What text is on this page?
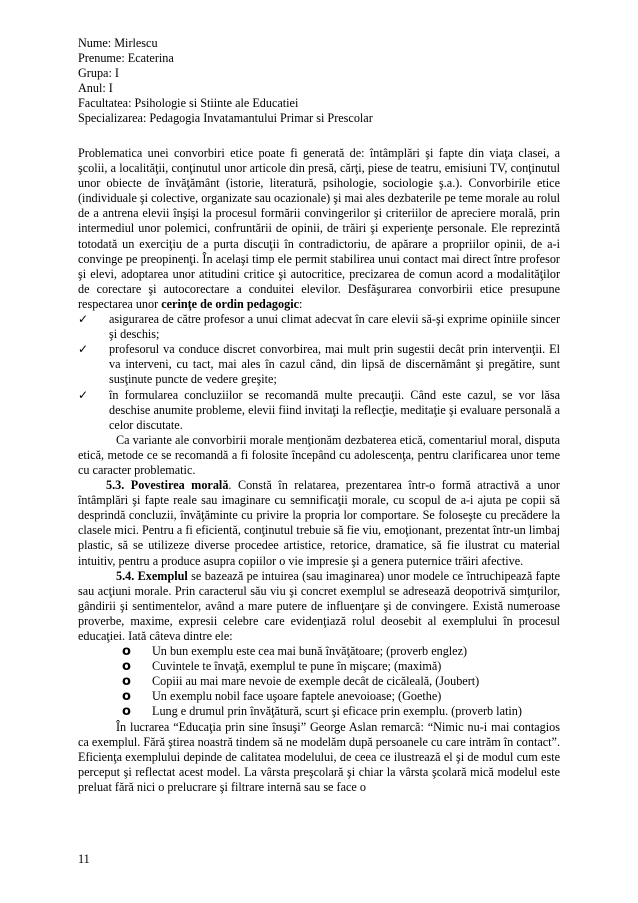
Nume: Mirlescu
Prenume: Ecaterina
Grupa: I
Anul: I
Facultatea: Psihologie si Stiinte ale Educatiei
Specializarea: Pedagogia Invatamantului Primar si Prescolar

Problematica unei convorbiri etice poate fi generată de: întâmplări şi fapte din viaţa clasei, a şcolii, a localităţii, conţinutul unor articole din presă, cărţi, piese de teatru, emisiuni TV, conţinutul unor obiecte de învăţământ (istorie, literatură, psihologie, sociologie ş.a.). Convorbirile etice (individuale şi colective, organizate sau ocazionale) şi mai ales dezbaterile pe teme morale au rolul de a antrena elevii înşişi la procesul formării convingerilor şi criteriilor de apreciere morală, prin intermediul unor polemici, confruntării de opinii, de trăiri şi experienţe personale. Ele reprezintă totodată un exerciţiu de a purta discuţii în contradictoriu, de apărare a propriilor opinii, de a-i convinge pe preopinenţi. În acelaşi timp ele permit stabilirea unui contact mai direct între profesor şi elevi, adoptarea unor atitudini critice şi autocritice, precizarea de comun acord a modalităţilor de corectare şi autocorectare a conduitei elevilor. Desfăşurarea convorbirii etice presupune respectarea unor cerinţe de ordin pedagogic:

✓ asigurarea de către profesor a unui climat adecvat în care elevii să-şi exprime opiniile sincer şi deschis;
✓ profesorul va conduce discret convorbirea, mai mult prin sugestii decât prin intervenţii. El va interveni, cu tact, mai ales în cazul când, din lipsă de discernământ şi pregătire, sunt susţinute puncte de vedere greşite;
✓ în formularea concluziilor se recomandă multe precauţii. Când este cazul, se vor lăsa deschise anumite probleme, elevii fiind invitaţi la reflecţie, meditaţie şi evaluare personală a celor discutate.

Ca variante ale convorbirii morale menţionăm dezbaterea etică, comentariul moral, disputa etică, metode ce se recomandă a fi folosite începând cu adolescenţa, pentru clarificarea unor teme cu caracter problematic.

5.3. Povestirea morală. Constă în relatarea, prezentarea într-o formă atractivă a unor întâmplări şi fapte reale sau imaginare cu semnificaţii morale, cu scopul de a-i ajuta pe copii să desprindă concluzii, învăţăminte cu privire la propria lor comportare. Se foloseşte cu precădere la clasele mici. Pentru a fi eficientă, conţinutul trebuie să fie viu, emoţionant, prezentat într-un limbaj plastic, să se utilizeze diverse procedee artistice, retorice, dramatice, să fie ilustrat cu material intuitiv, pentru a produce asupra copiilor o vie impresie şi a genera puternice trăiri afective.

5.4. Exemplul se bazează pe intuirea (sau imaginarea) unor modele ce întruchipează fapte sau acţiuni morale. Prin caracterul său viu şi concret exemplul se adresează deopotrivă simţurilor, gândirii şi sentimentelor, având a mare putere de influenţare şi de convingere. Există numeroase proverbe, maxime, expresii celebre care evidenţiază rolul deosebit al exemplului în procesul educaţiei. Iată câteva dintre ele:

o Un bun exemplu este cea mai bună învăţătoare; (proverb englez)
o Cuvintele te învaţă, exemplul te pune în mişcare; (maximă)
o Copiii au mai mare nevoie de exemple decât de cicăleală, (Joubert)
o Un exemplu nobil face uşoare faptele anevoioase; (Goethe)
o Lung e drumul prin învăţătură, scurt şi eficace prin exemplu. (proverb latin)

În lucrarea “Educaţia prin sine însuşi” George Aslan remarcă: “Nimic nu-i mai contagios ca exemplul. Fără ştirea noastră tindem să ne modelăm după persoanele cu care intrăm în contact”. Eficienţa exemplului depinde de calitatea modelului, de ceea ce ilustrează el şi de modul cum este perceput şi reflectat acest model. La vârsta preşcolară şi chiar la vârsta şcolară mică modelul este preluat fără nici o prelucrare şi filtrare internă sau se face o

11
